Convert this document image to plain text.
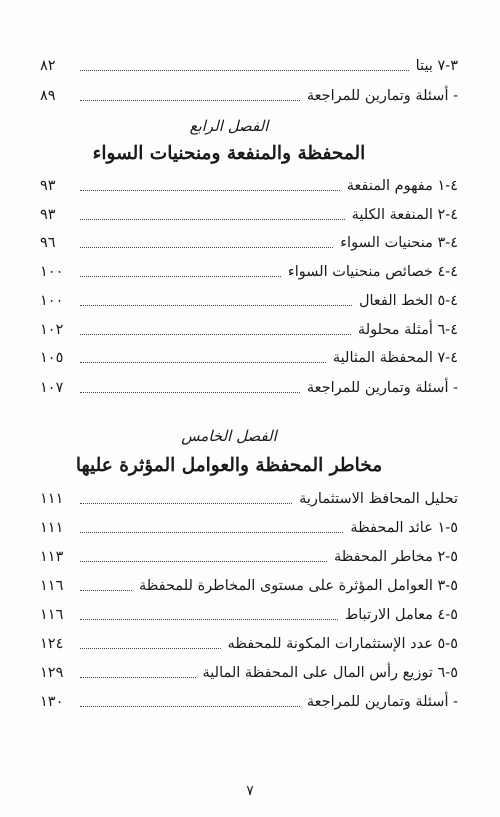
٣-٧ بيتا
٨٢
- أسئلة وتمارين للمراجعة
٨٩
الفصل الرابع
المحفظة والمنفعة ومنحنيات السواء
٤-١ مفهوم المنفعة
٩٣
٤-٢ المنفعة الكلية
٩٣
٤-٣ منحنيات السواء
٩٦
٤-٤ خصائص منحنيات السواء
١٠٠
٤-٥ الخط الفعال
١٠٠
٤-٦ أمثلة محلولة
١٠٢
٤-٧ المحفظة المثالية
١٠٥
- أسئلة وتمارين للمراجعة
١٠٧
الفصل الخامس
مخاطر المحفظة والعوامل المؤثرة عليها
تحليل المحافظ الاستثمارية
١١١
٥-١ عائد المحفظة
١١١
٥-٢ مخاطر المحفظة
١١٣
٥-٣ العوامل المؤثرة على مستوى المخاطرة للمحفظة
١١٦
٥-٤ معامل الارتباط
١١٦
٥-٥ عدد الإستثمارات المكونة للمحفظه
١٢٤
٥-٦ توزيع رأس المال على المحفظة المالية
١٢٩
- أسئلة وتمارين للمراجعة
١٣٠
٧
